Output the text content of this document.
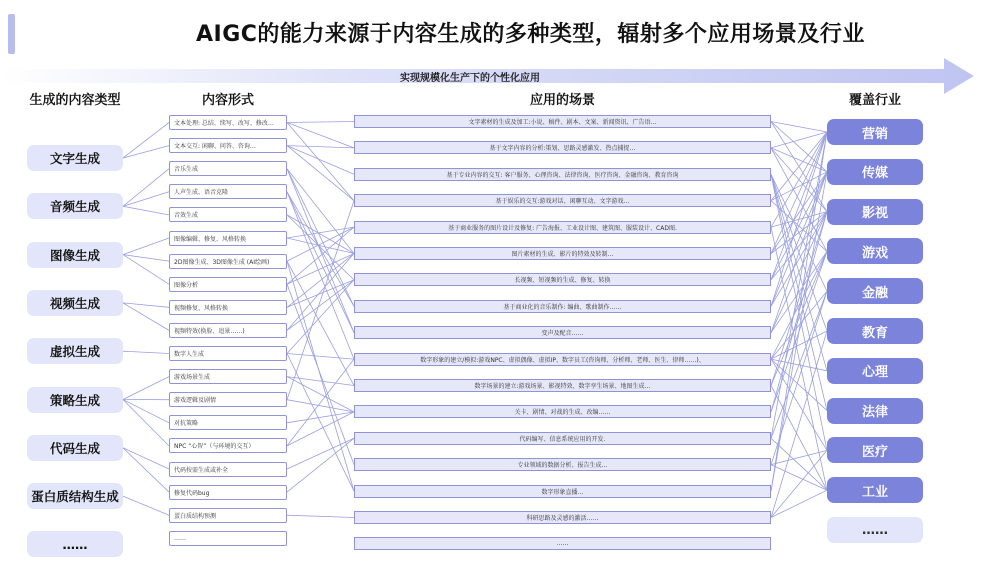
AIGC的能力来源于内容生成的多种类型，辐射多个应用场景及行业
实现规模化生产下的个性化应用
生成的内容类型	内容形式	应用的场景	覆盖行业
文字生成
音频生成
图像生成
视频生成
虚拟生成
策略生成
代码生成
蛋白质结构生成
……
文本处理: 总结、续写、改写、修改…
文本交互: 闲聊、问答、咨询…
音乐生成
人声生成、语音克隆
音效生成
图像编辑、修复、风格转换
2D图像生成、3D图像生成 (AI绘画)
图像分析
视频修复、风格转换
视频特效(换脸、追景……)
数字人生成
游戏场景生成
游戏逻辑及剧情
对抗策略
NPC “心智”（与环境的交互）
代码按需生成或补全
修复代码bug
蛋白质结构预测
……
文字素材的生成及加工:小说、稿件、剧本、文案、新闻资讯、广告语…
基于文字内容的分析:策划、思路灵感激发、热点捕捉…
基于专业内容的交互: 客户服务、心理咨询、法律咨询、医疗咨询、金融咨询、教育咨询
基于娱乐的交互:游戏对话、闲聊互动、文字游戏…
基于商业服务的图片设计及修复: 广告海报、工业设计图、建筑图、服装设计、CAD图.
图片素材的生成、影片的特效及转制…
长视频、短视频的生成、修复、转换
基于商业化的音乐制作: 编曲、歌曲制作……
变声及配音……
数字形象的建立/模拟:游戏NPC、虚拟偶像、虚拟IP、数字员工(咨询师、分析师、老师、医生、律师……)、
数字场景的建立:游戏场景、影视特效、数字孪生场景、地图生成…
关卡、剧情、对战的生成、改编……
代码编写、信息系统应用的开发.
专业领域的数据分析、报告生成…
数字形象直播…
科研思路及灵感的激活……
……
营销
传媒
影视
游戏
金融
教育
心理
法律
医疗
工业
……
